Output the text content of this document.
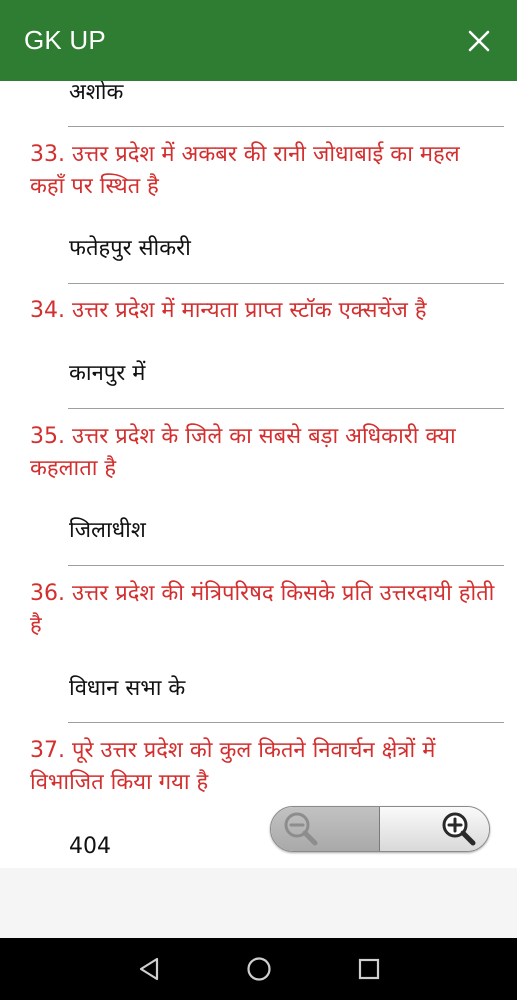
GK UP
अशोक
33. उत्तर प्रदेश में अकबर की रानी जोधाबाई का महल कहाँ पर स्थित है
फतेहपुर सीकरी
34. उत्तर प्रदेश में मान्यता प्राप्त स्टॉक एक्सचेंज है
कानपुर में
35. उत्तर प्रदेश के जिले का सबसे बड़ा अधिकारी क्या कहलाता है
जिलाधीश
36. उत्तर प्रदेश की मंत्रिपरिषद किसके प्रति उत्तरदायी होती है
विधान सभा के
37. पूरे उत्तर प्रदेश को कुल कितने निवार्चन क्षेत्रों में विभाजित किया गया है
404
